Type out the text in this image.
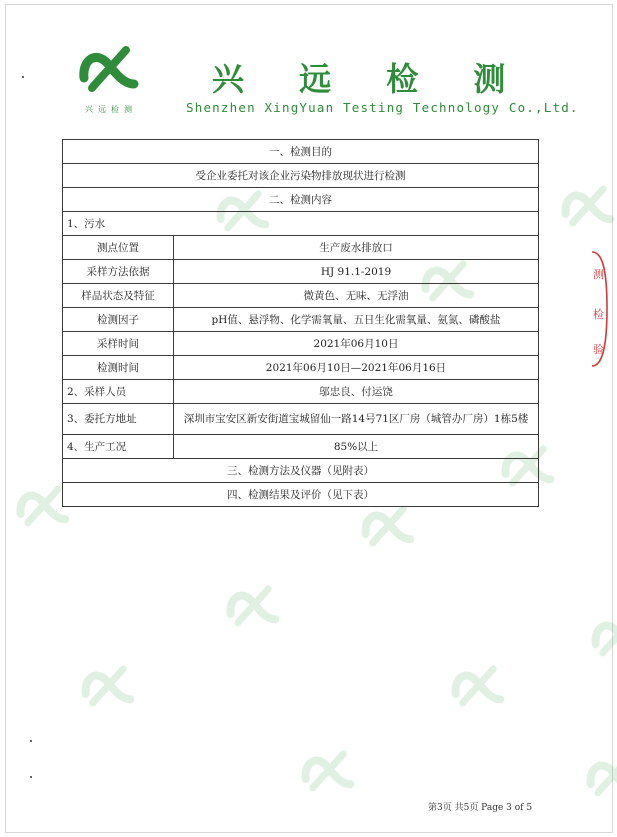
兴远检测
兴 远 检 测
Shenzhen XingYuan Testing Technology Co.,Ltd.
一、检测目的	
受企业委托对该企业污染物排放现状进行检测	
二、检测内容	
1、污水	
测点位置	生产废水排放口
采样方法依据	HJ 91.1-2019
样品状态及特征	微黄色、无味、无浮油
检测因子	pH值、悬浮物、化学需氧量、五日生化需氧量、氨氮、磷酸盐
采样时间	2021年06月10日
检测时间	2021年06月10日—2021年06月16日
2、采样人员	邬忠良、付运饶
3、委托方地址	深圳市宝安区新安街道宝城留仙一路14号71区厂房（城管办厂房）1栋5楼
4、生产工况	85%以上
三、检测方法及仪器（见附表）	
四、检测结果及评价（见下表）	
测
检
验
第3页 共5页 Page 3 of 5
